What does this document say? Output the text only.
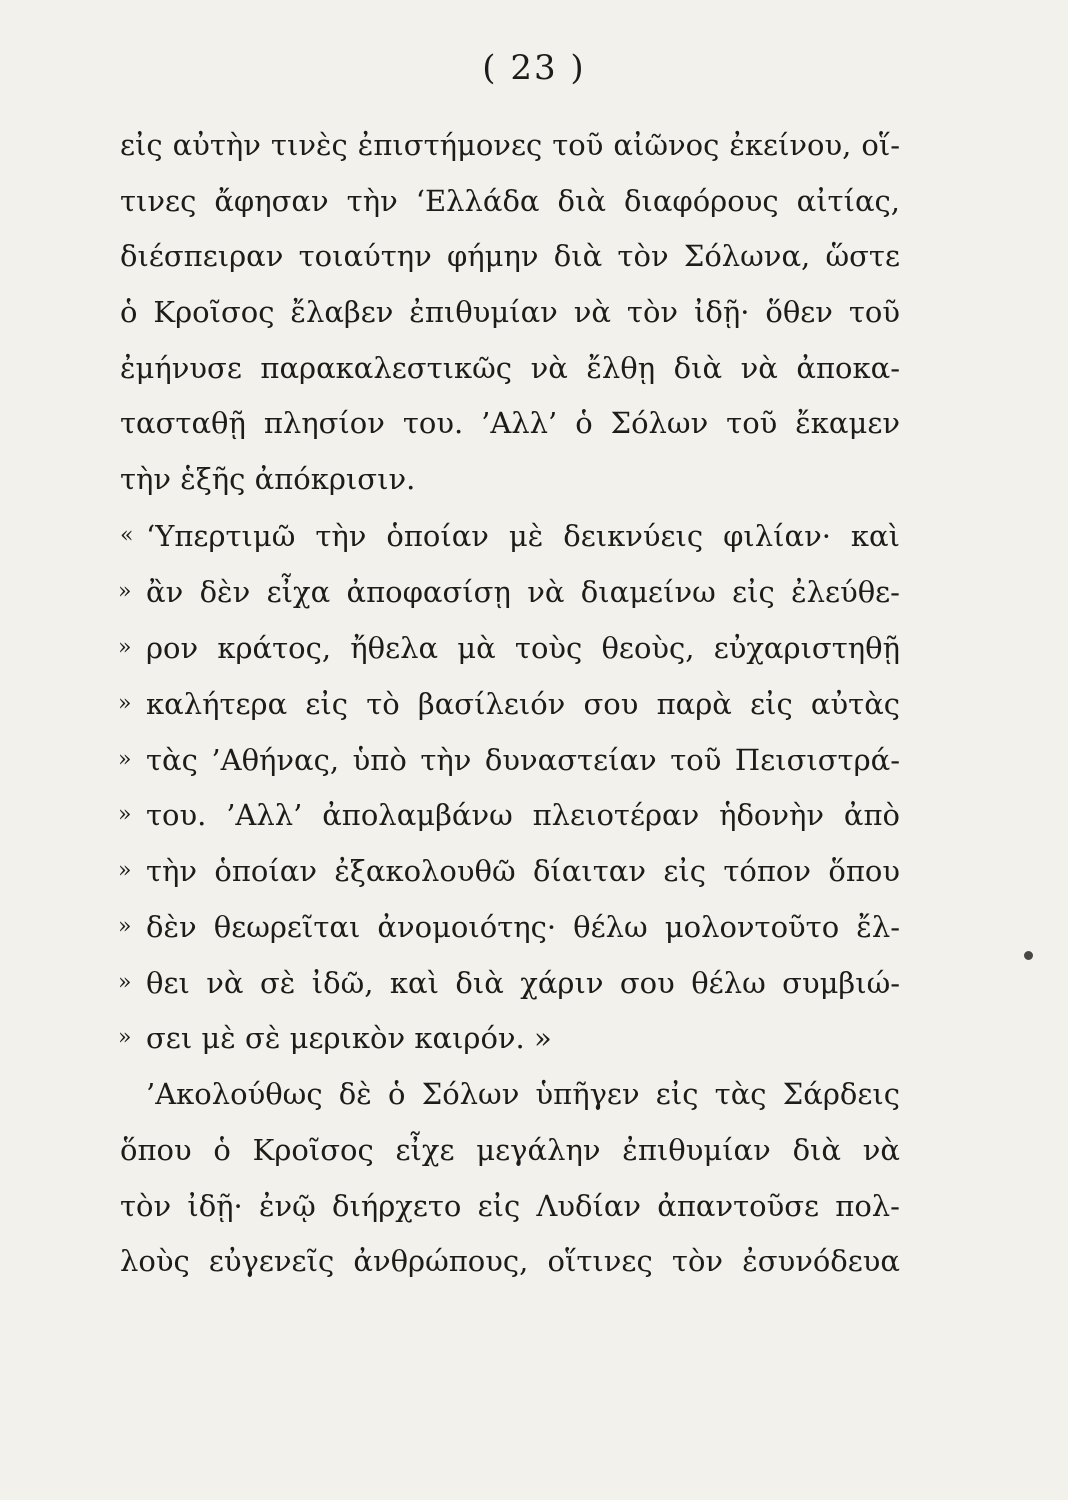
( 23 )
εἰς αὐτὴν τινὲς ἐπιστήμονες τοῦ αἰῶνος ἐκείνου, οἵ-
τινες ἄφησαν τὴν ‘Ελλάδα διὰ διαφόρους αἰτίας,
διέσπειραν τοιαύτην φήμην διὰ τὸν Σόλωνα, ὥστε
ὁ Κροῖσος ἔλαβεν ἐπιθυμίαν νὰ τὸν ἰδῇ· ὅθεν τοῦ
ἐμήνυσε παρακαλεστικῶς νὰ ἔλθῃ διὰ νὰ ἀποκα-
τασταθῇ πλησίον του. ’Αλλ’ ὁ Σόλων τοῦ ἔκαμεν
τὴν ἑξῆς ἀπόκρισιν.
« ‘Υπερτιμῶ τὴν ὁποίαν μὲ δεικνύεις φιλίαν· καὶ
» ἂν δὲν εἶχα ἀποφασίσῃ νὰ διαμείνω εἰς ἐλεύθε-
» ρον κράτος, ἤθελα μὰ τοὺς θεοὺς, εὐχαριστηθῇ
» καλήτερα εἰς τὸ βασίλειόν σου παρὰ εἰς αὐτὰς
» τὰς ’Αθήνας, ὑπὸ τὴν δυναστείαν τοῦ Πεισιστρά-
» του. ’Αλλ’ ἀπολαμβάνω πλειοτέραν ἡδονὴν ἀπὸ
» τὴν ὁποίαν ἐξακολουθῶ δίαιταν εἰς τόπον ὅπου
» δὲν θεωρεῖται ἀνομοιότης· θέλω μολοντοῦτο ἔλ-
» θει νὰ σὲ ἰδῶ, καὶ διὰ χάριν σου θέλω συμβιώ-
» σει μὲ σὲ μερικὸν καιρόν. »
’Ακολούθως δὲ ὁ Σόλων ὑπῆγεν εἰς τὰς Σάρδεις
ὅπου ὁ Κροῖσος εἶχε μεγάλην ἐπιθυμίαν διὰ νὰ
τὸν ἰδῇ· ἐνῷ διήρχετο εἰς Λυδίαν ἀπαντοῦσε πολ-
λοὺς εὐγενεῖς ἀνθρώπους, οἵτινες τὸν ἐσυνόδευα
